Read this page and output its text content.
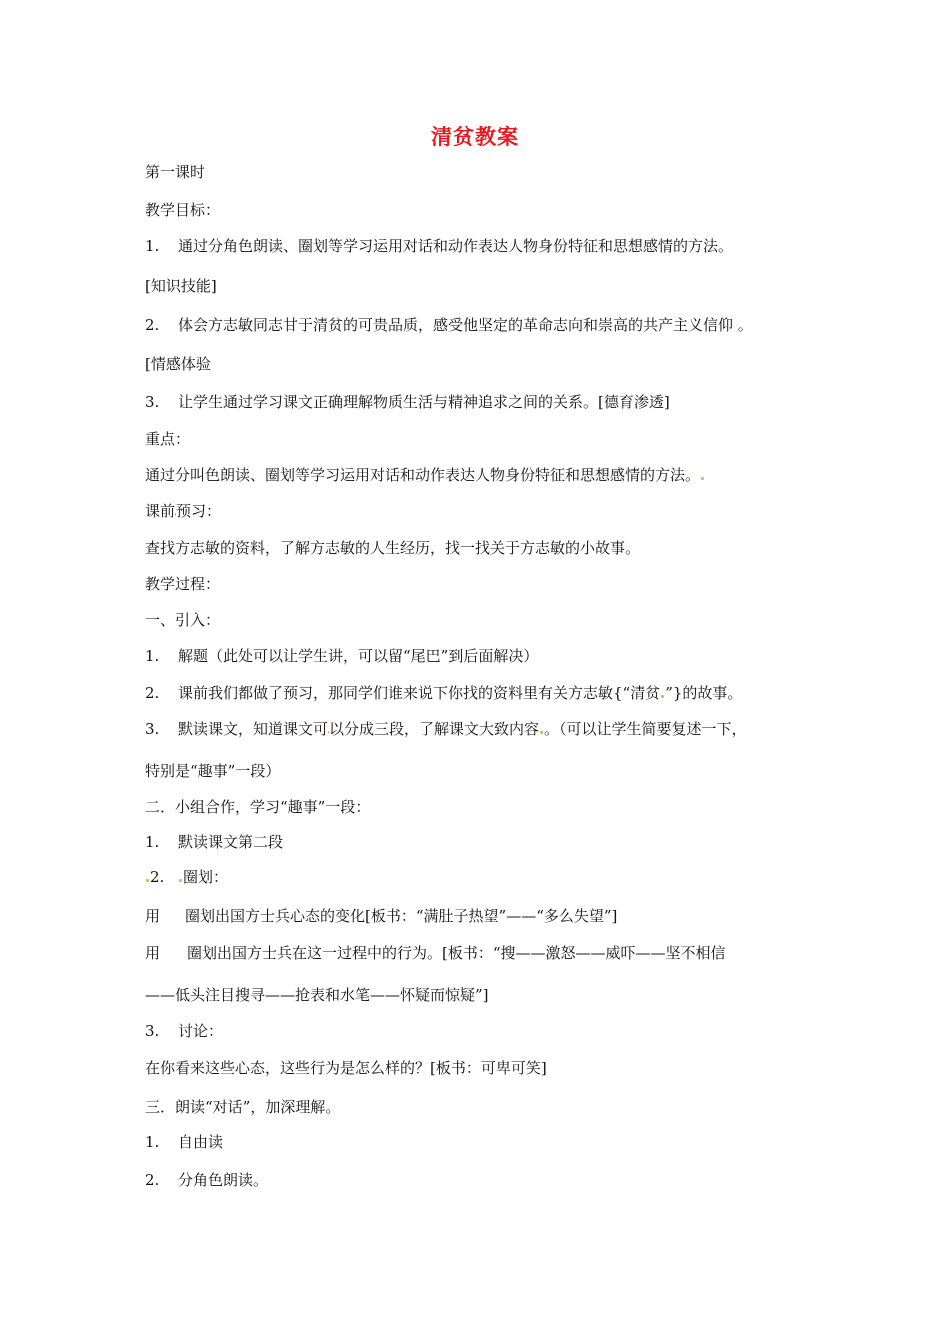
清贫教案
第一课时
教学目标：
1. 通过分角色朗读、圈划等学习运用对话和动作表达人物身份特征和思想感情的方法。
[知识技能]
2. 体会方志敏同志甘于清贫的可贵品质，感受他坚定的革命志向和崇高的共产主义信仰 。
[情感体验
3. 让学生通过学习课文正确理解物质生活与精神追求之间的关系。[德育渗透]
重点：
通过分叫色朗读、圈划等学习运用对话和动作表达人物身份特征和思想感情的方法。
课前预习：
查找方志敏的资料，了解方志敏的人生经历，找一找关于方志敏的小故事。
教学过程：
一、引入：
1. 解题（此处可以让学生讲，可以留“尾巴”到后面解决）
2. 课前我们都做了预习，那同学们谁来说下你找的资料里有关方志敏{“清贫 ”}的故事。
3. 默读课文，知道课文可以分成三段，了解课文大致内容 。（可以让学生简要复述一下，
特别是“趣事”一段）
二．小组合作，学习“趣事”一段：
1. 默读课文第二段
2. 圈划：
用 圈划出国方士兵心态的变化[板书：“满肚子热望”——“多么失望”]
用 圈划出国方士兵在这一过程中的行为。[板书：“搜——激怒——威吓——坚不相信
——低头注目搜寻——抢表和水笔——怀疑而惊疑”]
3. 讨论：
在你看来这些心态，这些行为是怎么样的？[板书：可卑可笑]
三．朗读“对话”，加深理解。
1. 自由读
2. 分角色朗读。
